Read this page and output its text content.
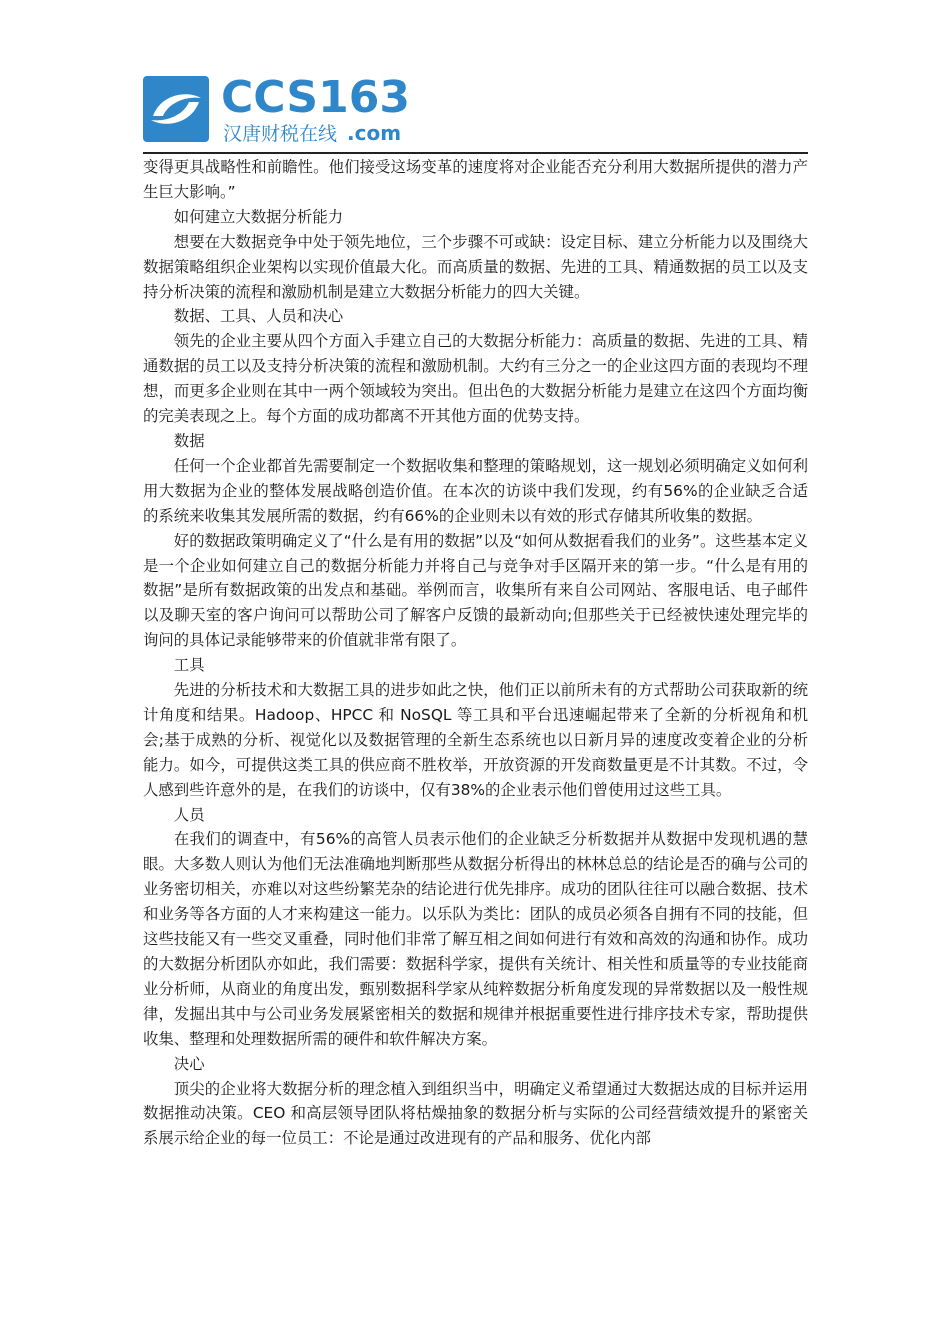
CCS163
汉唐财税在线 .com

变得更具战略性和前瞻性。他们接受这场变革的速度将对企业能否充分利用大数据所提供的潜力产生巨大影响。”

如何建立大数据分析能力

想要在大数据竞争中处于领先地位，三个步骤不可或缺：设定目标、建立分析能力以及围绕大数据策略组织企业架构以实现价值最大化。而高质量的数据、先进的工具、精通数据的员工以及支持分析决策的流程和激励机制是建立大数据分析能力的四大关键。

数据、工具、人员和决心

领先的企业主要从四个方面入手建立自己的大数据分析能力：高质量的数据、先进的工具、精通数据的员工以及支持分析决策的流程和激励机制。大约有三分之一的企业这四方面的表现均不理想，而更多企业则在其中一两个领域较为突出。但出色的大数据分析能力是建立在这四个方面均衡的完美表现之上。每个方面的成功都离不开其他方面的优势支持。

数据

任何一个企业都首先需要制定一个数据收集和整理的策略规划，这一规划必须明确定义如何利用大数据为企业的整体发展战略创造价值。在本次的访谈中我们发现，约有56%的企业缺乏合适的系统来收集其发展所需的数据，约有66%的企业则未以有效的形式存储其所收集的数据。

好的数据政策明确定义了“什么是有用的数据”以及“如何从数据看我们的业务”。这些基本定义是一个企业如何建立自己的数据分析能力并将自己与竞争对手区隔开来的第一步。“什么是有用的数据”是所有数据政策的出发点和基础。举例而言，收集所有来自公司网站、客服电话、电子邮件以及聊天室的客户询问可以帮助公司了解客户反馈的最新动向;但那些关于已经被快速处理完毕的询问的具体记录能够带来的价值就非常有限了。

工具

先进的分析技术和大数据工具的进步如此之快，他们正以前所未有的方式帮助公司获取新的统计角度和结果。Hadoop、HPCC 和 NoSQL 等工具和平台迅速崛起带来了全新的分析视角和机会;基于成熟的分析、视觉化以及数据管理的全新生态系统也以日新月异的速度改变着企业的分析能力。如今，可提供这类工具的供应商不胜枚举，开放资源的开发商数量更是不计其数。不过，令人感到些许意外的是，在我们的访谈中，仅有38%的企业表示他们曾使用过这些工具。

人员

在我们的调查中，有56%的高管人员表示他们的企业缺乏分析数据并从数据中发现机遇的慧眼。大多数人则认为他们无法准确地判断那些从数据分析得出的林林总总的结论是否的确与公司的业务密切相关，亦难以对这些纷繁芜杂的结论进行优先排序。成功的团队往往可以融合数据、技术和业务等各方面的人才来构建这一能力。以乐队为类比：团队的成员必须各自拥有不同的技能，但这些技能又有一些交叉重叠，同时他们非常了解互相之间如何进行有效和高效的沟通和协作。成功的大数据分析团队亦如此，我们需要：数据科学家，提供有关统计、相关性和质量等的专业技能商业分析师，从商业的角度出发，甄别数据科学家从纯粹数据分析角度发现的异常数据以及一般性规律，发掘出其中与公司业务发展紧密相关的数据和规律并根据重要性进行排序技术专家，帮助提供收集、整理和处理数据所需的硬件和软件解决方案。

决心

顶尖的企业将大数据分析的理念植入到组织当中，明确定义希望通过大数据达成的目标并运用数据推动决策。CEO 和高层领导团队将枯燥抽象的数据分析与实际的公司经营绩效提升的紧密关系展示给企业的每一位员工：不论是通过改进现有的产品和服务、优化内部
